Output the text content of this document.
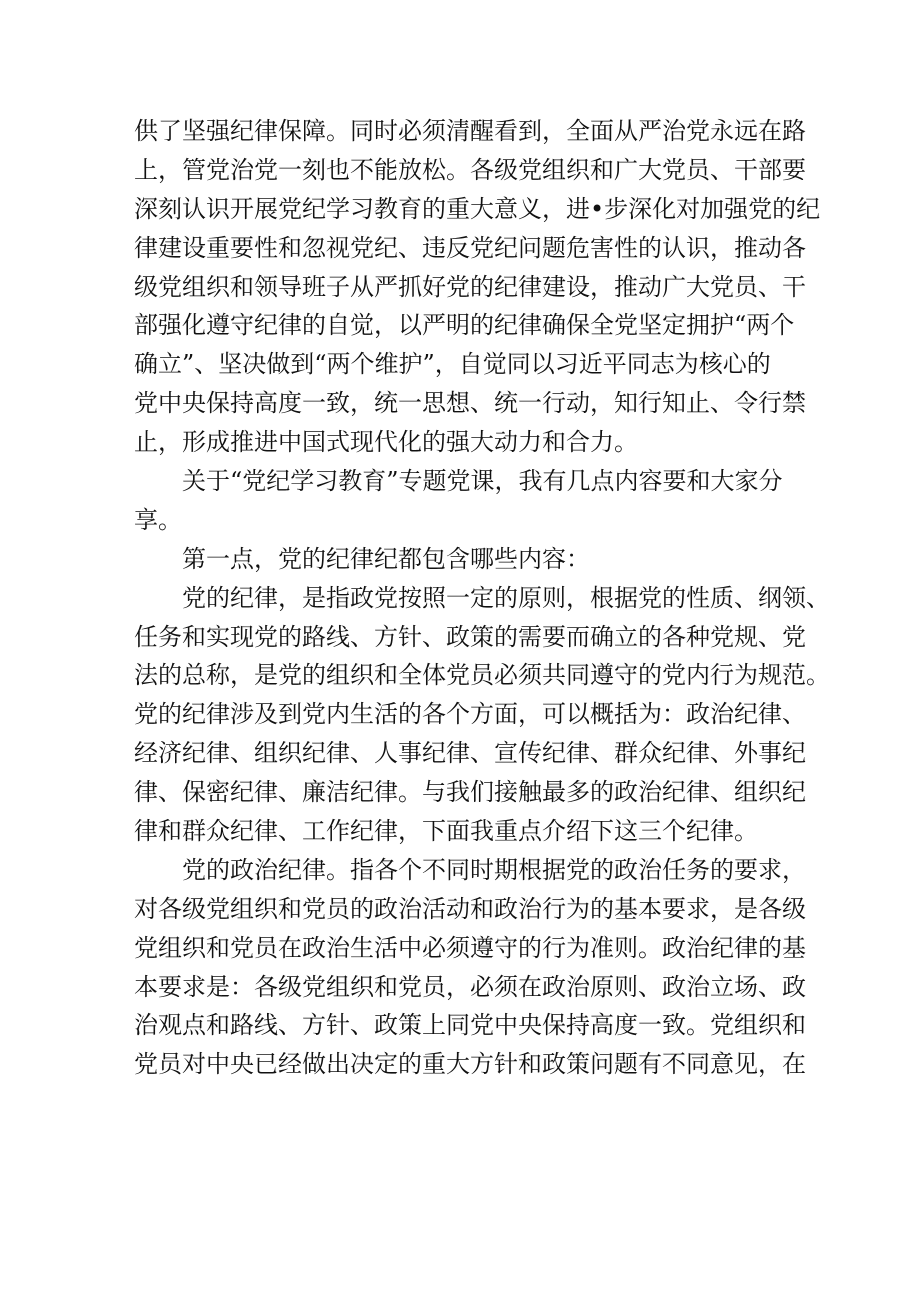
供了坚强纪律保障。同时必须清醒看到，全面从严治党永远在路
上，管党治党一刻也不能放松。各级党组织和广大党员、干部要
深刻认识开展党纪学习教育的重大意义，进•步深化对加强党的纪
律建设重要性和忽视党纪、违反党纪问题危害性的认识，推动各
级党组织和领导班子从严抓好党的纪律建设，推动广大党员、干
部强化遵守纪律的自觉，以严明的纪律确保全党坚定拥护“两个
确立”、坚决做到“两个维护”，自觉同以习近平同志为核心的
党中央保持高度一致，统一思想、统一行动，知行知止、令行禁
止，形成推进中国式现代化的强大动力和合力。
关于“党纪学习教育”专题党课，我有几点内容要和大家分
享。
第一点，党的纪律纪都包含哪些内容：
党的纪律，是指政党按照一定的原则，根据党的性质、纲领、
任务和实现党的路线、方针、政策的需要而确立的各种党规、党
法的总称，是党的组织和全体党员必须共同遵守的党内行为规范。
党的纪律涉及到党内生活的各个方面，可以概括为：政治纪律、
经济纪律、组织纪律、人事纪律、宣传纪律、群众纪律、外事纪
律、保密纪律、廉洁纪律。与我们接触最多的政治纪律、组织纪
律和群众纪律、工作纪律，下面我重点介绍下这三个纪律。
党的政治纪律。指各个不同时期根据党的政治任务的要求，
对各级党组织和党员的政治活动和政治行为的基本要求，是各级
党组织和党员在政治生活中必须遵守的行为准则。政治纪律的基
本要求是：各级党组织和党员，必须在政治原则、政治立场、政
治观点和路线、方针、政策上同党中央保持高度一致。党组织和
党员对中央已经做出决定的重大方针和政策问题有不同意见，在
